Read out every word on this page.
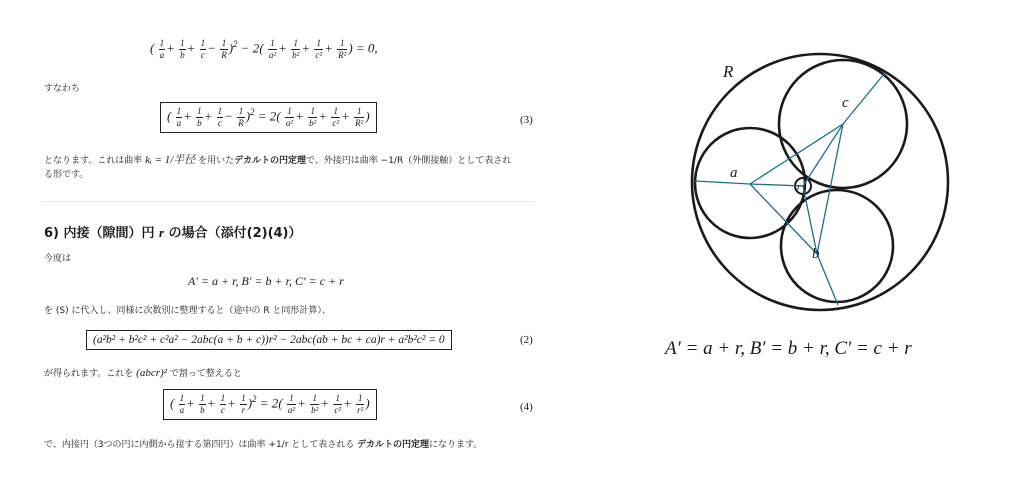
( $\frac{1}{a} + \frac{1}{b} + \frac{1}{c} - \frac{1}{R} )^2 - 2( \frac{1}{\text{a²}} + \frac{1}{\text{b²}} + \frac{1}{\text{c²}} + \frac{1}{\text{R²}}$ ) = 0,
すなわち
( $\frac{1}{a} + \frac{1}{b} + \frac{1}{c} - \frac{1}{R} )^2 = 2( \frac{1}{\text{a²}} + \frac{1}{\text{b²}} + \frac{1}{\text{c²}} + \frac{1}{\text{R²}}$ )	(3)
となります。これは曲率 kᵢ = 1/半径 を用いたデカルトの円定理で、外接円は曲率 −1/R（外側接触）として表され
る形です。
6) 内接（隙間）円 r の場合（添付(2)(4)）
今度は
A′ = a + r, B′ = b + r, C′ = c + r
を (S) に代入し、同様に次数別に整理すると（途中の R と同形計算）、
(a²b² + b²c² + c²a² − 2abc(a + b + c))r² − 2abc(ab + bc + ca)r + a²b²c² = 0	(2)
が得られます。これを (abcr)² で割って整えると
( $\frac{1}{a} + \frac{1}{b} + \frac{1}{c} + \frac{1}{r} )^2 = 2( \frac{1}{\text{a²}} + \frac{1}{\text{b²}} + \frac{1}{\text{c²}} + \frac{1}{\text{r²}}$ )	(4)
で、内接円（3つの円に内側から接する第四円）は曲率 +1/r として表される デカルトの円定理になります。
R
a
c
b
r
A′ = a + r, B′ = b + r, C′ = c + r
